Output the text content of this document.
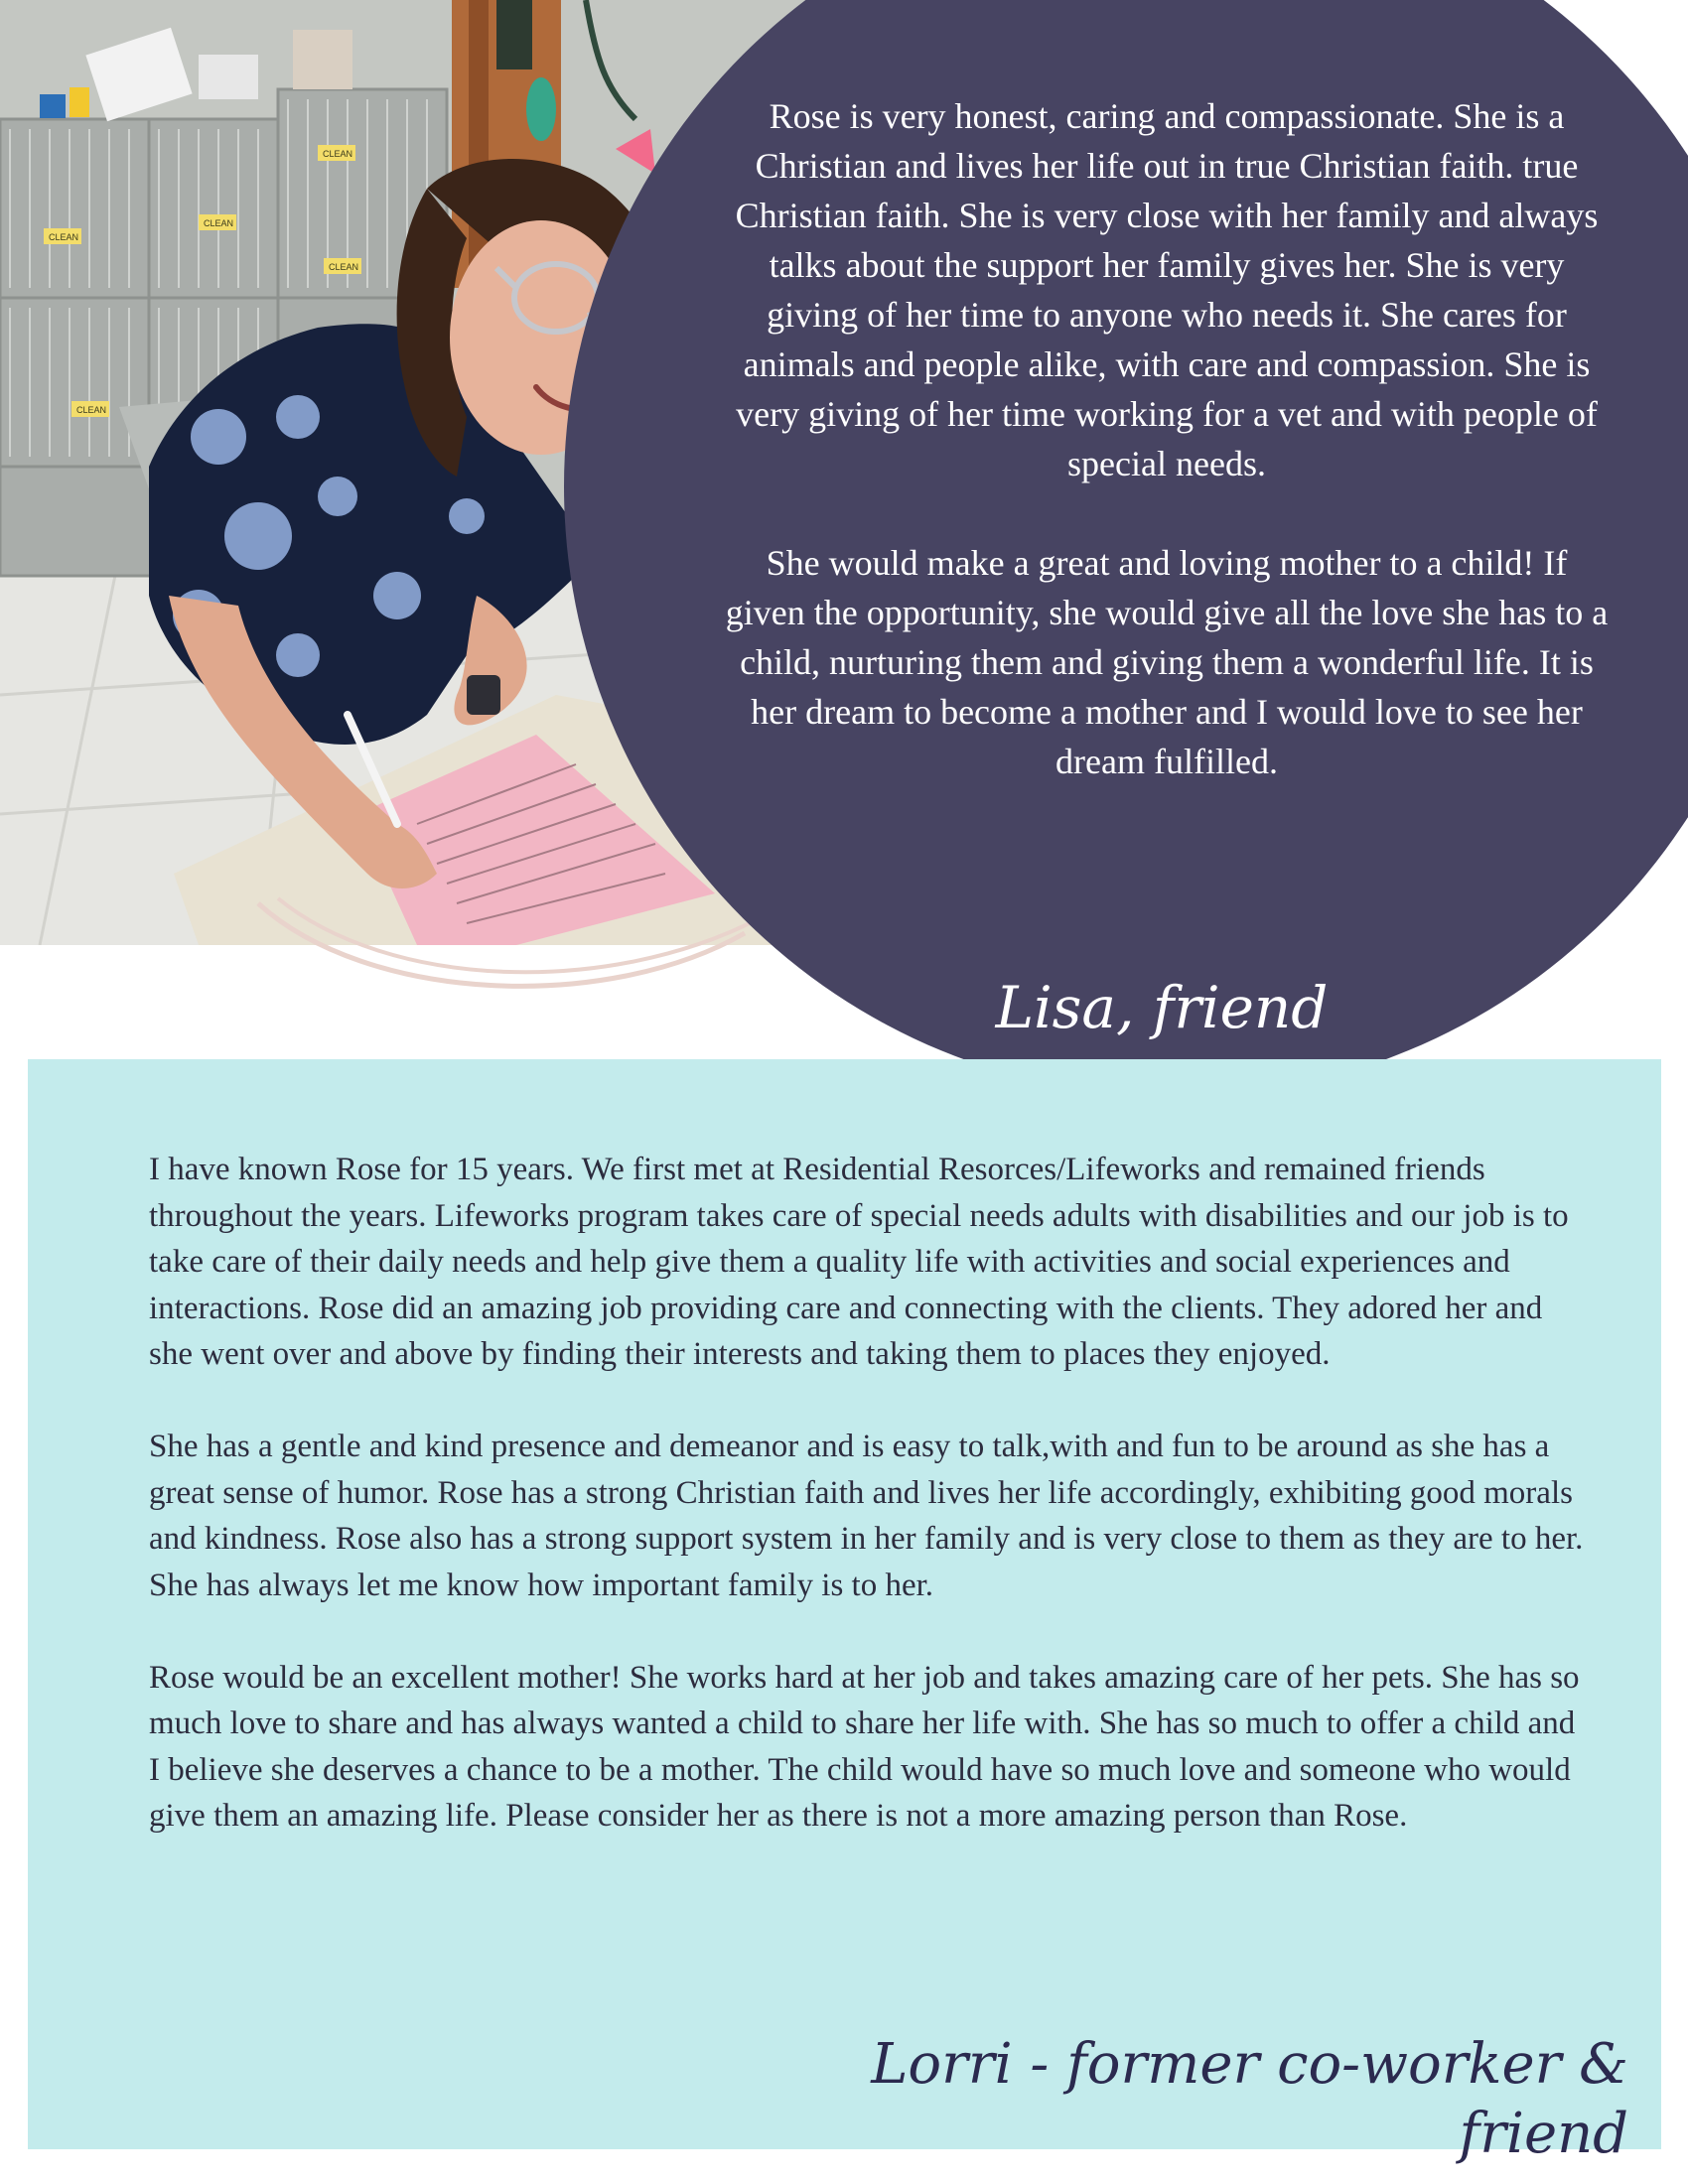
CLEAN
CLEAN
CLEAN
CLEAN
CLEAN

Rose is very honest, caring and compassionate. She is a Christian and lives her life out in true Christian faith. true Christian faith. She is very close with her family and always talks about the support her family gives her. She is very giving of her time to anyone who needs it. She cares for animals and people alike, with care and compassion. She is very giving of her time working for a vet and with people of special needs.

She would make a great and loving mother to a child! If given the opportunity, she would give all the love she has to a child, nurturing them and giving them a wonderful life. It is her dream to become a mother and I would love to see her dream fulfilled.

Lisa, friend

I have known Rose for 15 years. We first met at Residential Resorces/Lifeworks and remained friends throughout the years. Lifeworks program takes care of special needs adults with disabilities and our job is to take care of their daily needs and help give them a quality life with activities and social experiences and interactions. Rose did an amazing job providing care and connecting with the clients. They adored her and she went over and above by finding their interests and taking them to places they enjoyed.

She has a gentle and kind presence and demeanor and is easy to talk,with and fun to be around as she has a great sense of humor. Rose has a strong Christian faith and lives her life accordingly, exhibiting good morals and kindness. Rose also has a strong support system in her family and is very close to them as they are to her. She has always let me know how important family is to her.

Rose would be an excellent mother! She works hard at her job and takes amazing care of her pets. She has so much love to share and has always wanted a child to share her life with. She has so much to offer a child and I believe she deserves a chance to be a mother. The child would have so much love and someone who would give them an amazing life. Please consider her as there is not a more amazing person than Rose.

Lorri - former co-worker & friend
